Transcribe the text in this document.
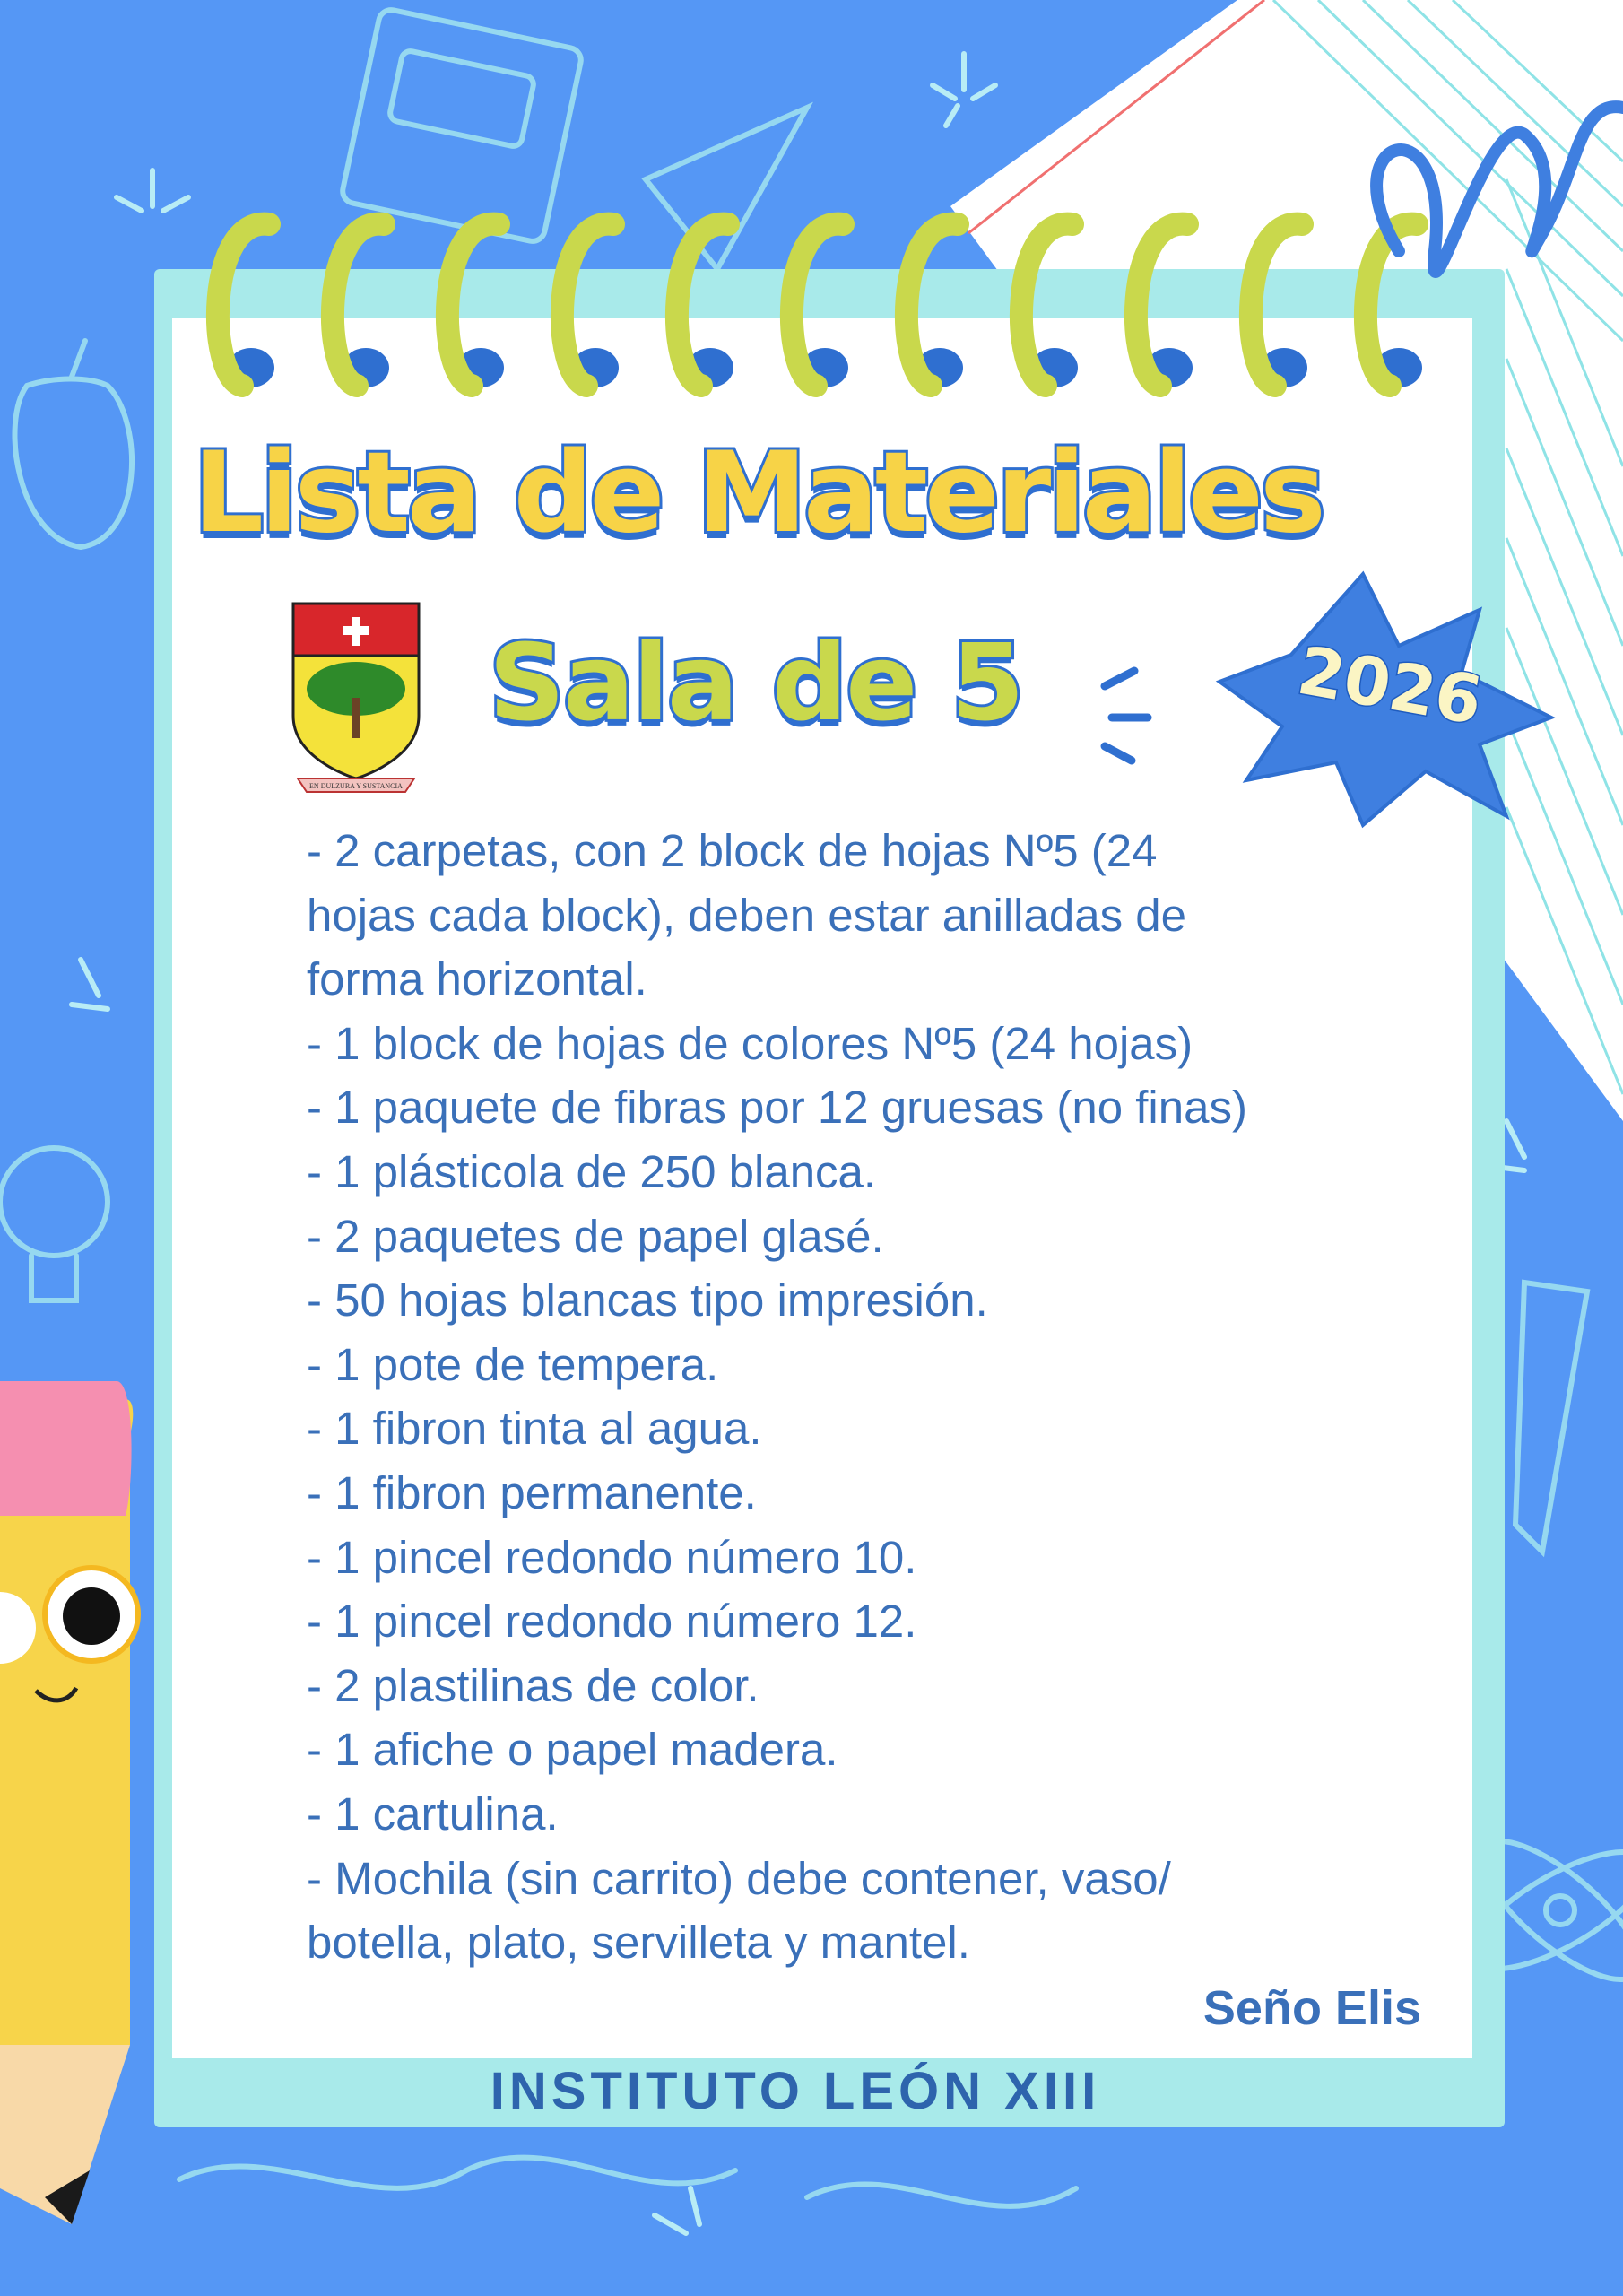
Lista de Materiales
EN DULZURA Y SUSTANCIA
Sala de 5	2026
- 2 carpetas, con 2 block de hojas Nº5 (24
hojas cada block), deben estar anilladas de
forma horizontal.
- 1 block de hojas de colores Nº5 (24 hojas)
- 1 paquete de fibras por 12 gruesas (no finas)
- 1 plásticola de 250 blanca.
- 2 paquetes de papel glasé.
- 50 hojas blancas tipo impresión.
- 1 pote de tempera.
- 1 fibron tinta al agua.
- 1 fibron permanente.
- 1 pincel redondo número 10.
- 1 pincel redondo número 12.
- 2 plastilinas de color.
- 1 afiche o papel madera.
- 1 cartulina.
- Mochila (sin carrito) debe contener, vaso/
botella, plato, servilleta y mantel.
Seño Elis
INSTITUTO LEÓN XIII
